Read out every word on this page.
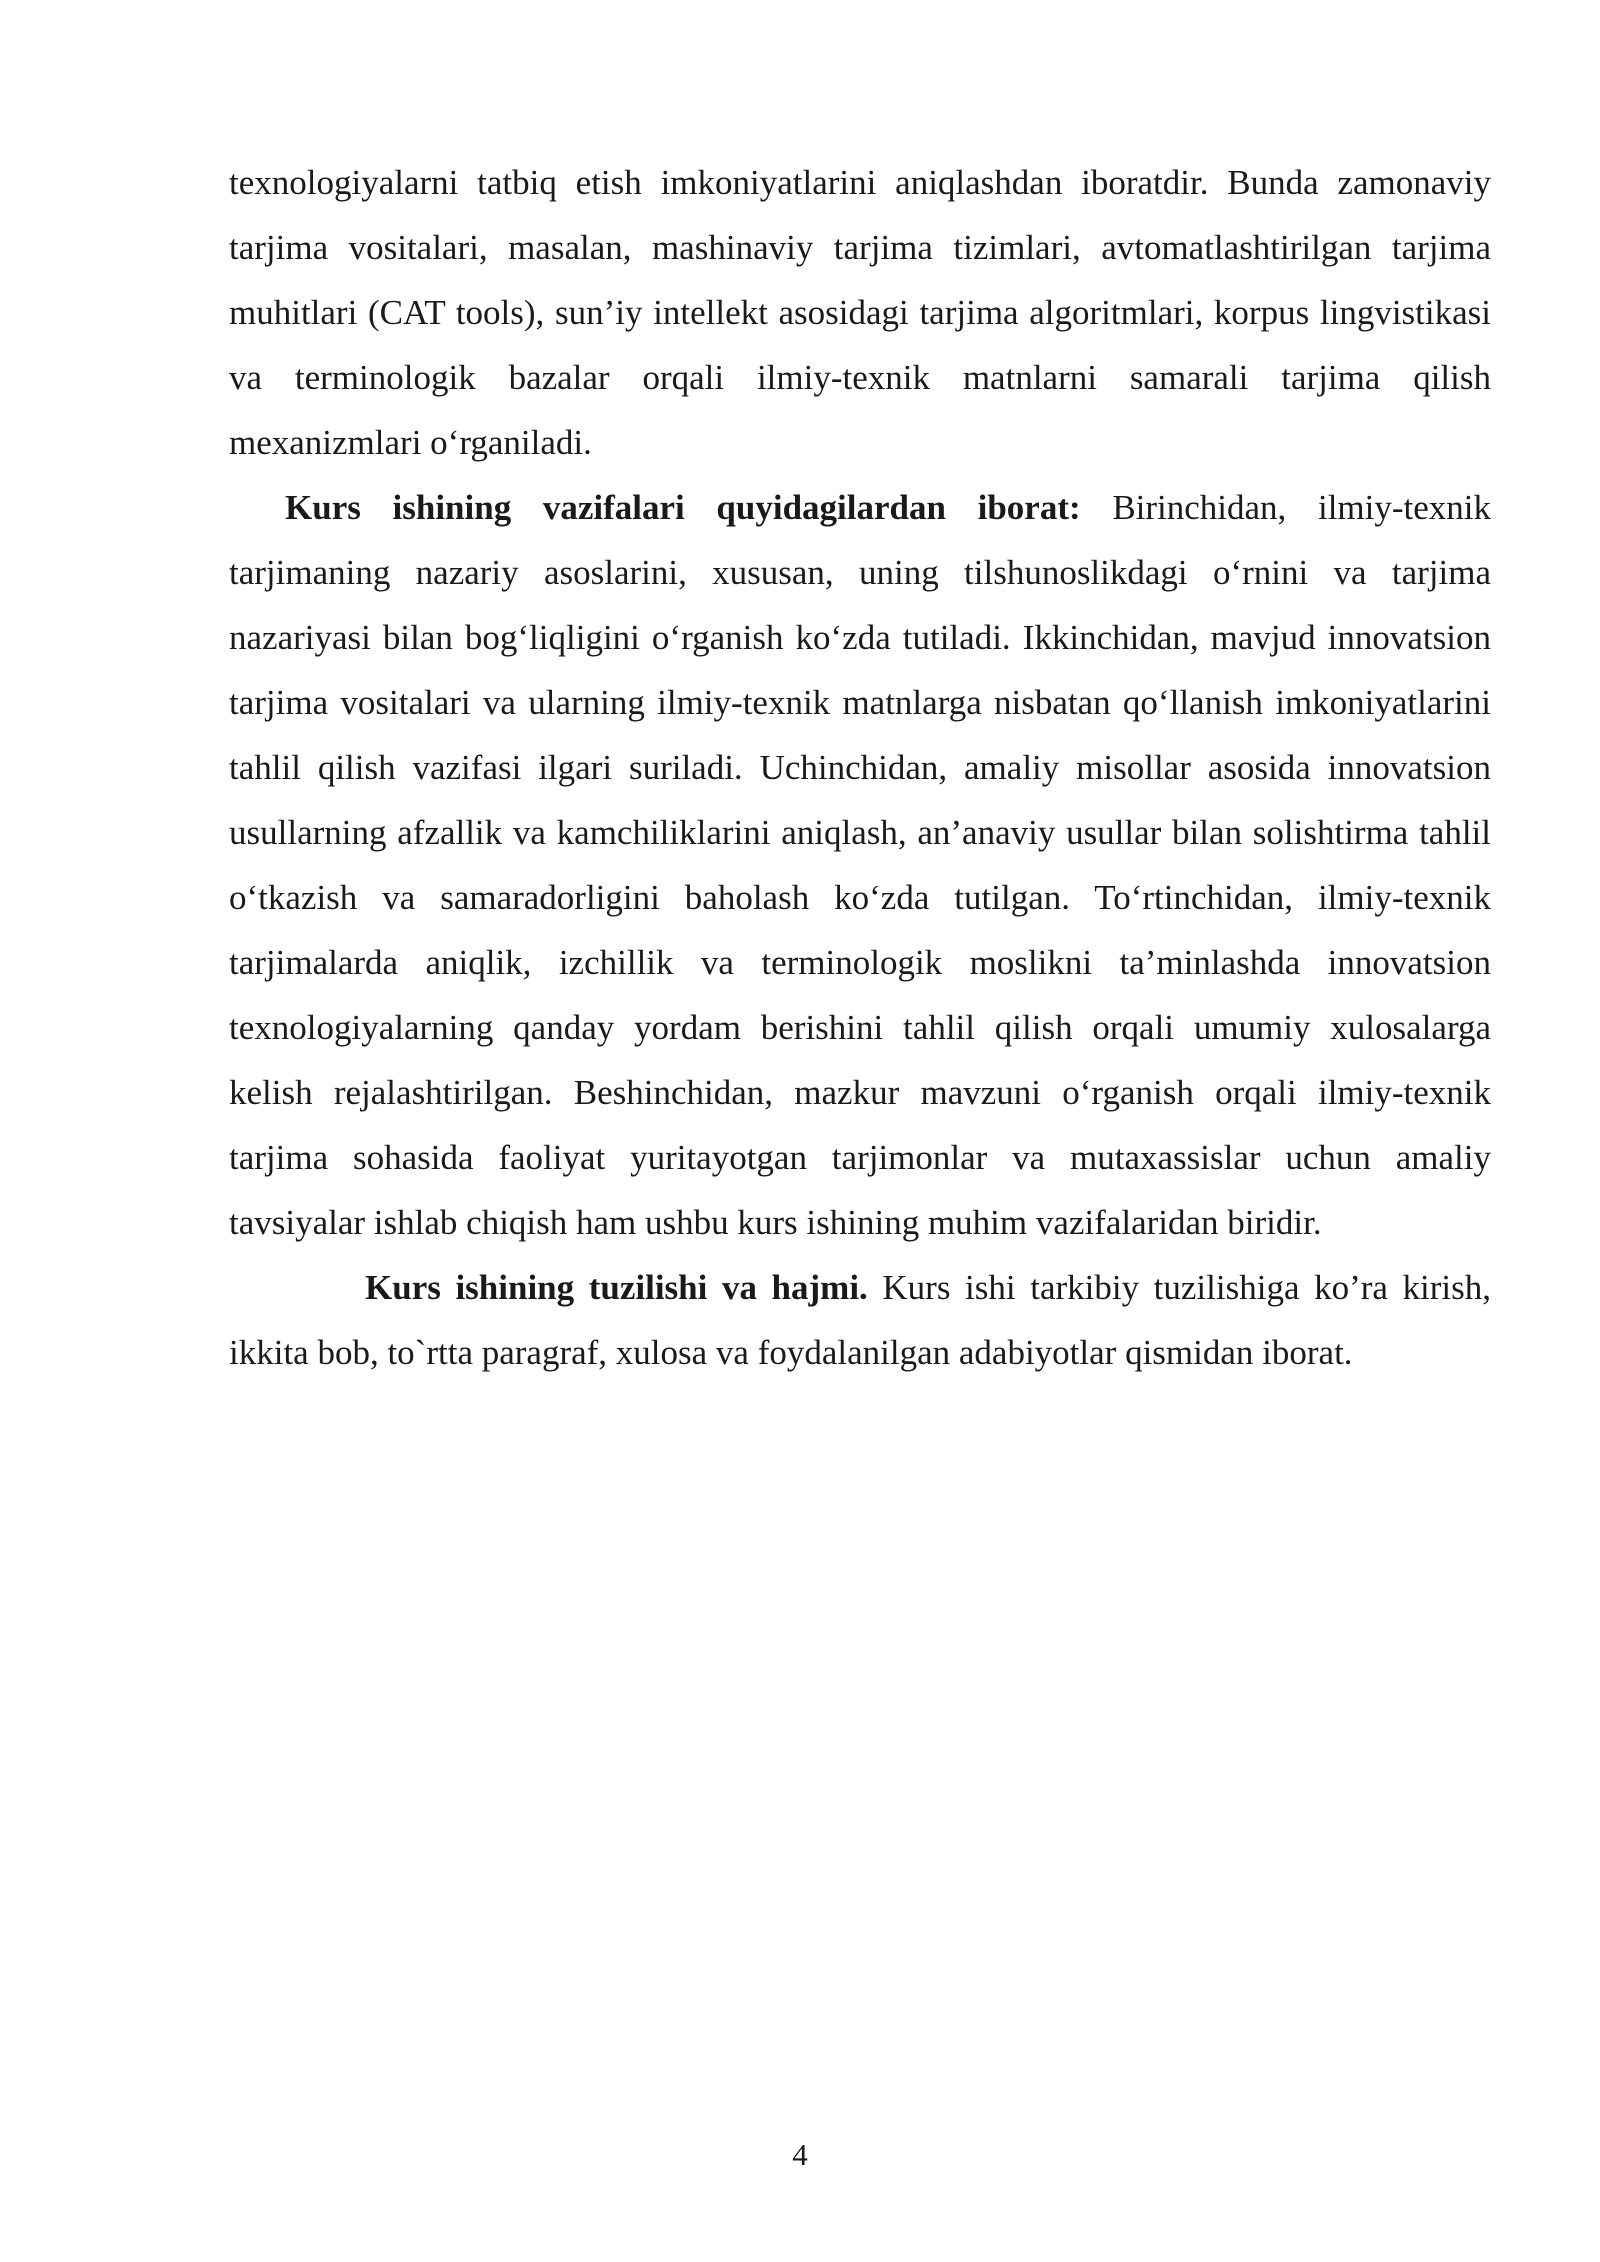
texnologiyalarni tatbiq etish imkoniyatlarini aniqlashdan iboratdir. Bunda zamonaviy tarjima vositalari, masalan, mashinaviy tarjima tizimlari, avtomatlashtirilgan tarjima muhitlari (CAT tools), sun’iy intellekt asosidagi tarjima algoritmlari, korpus lingvistikasi va terminologik bazalar orqali ilmiy-texnik matnlarni samarali tarjima qilish mexanizmlari o‘rganiladi.

Kurs ishining vazifalari quyidagilardan iborat: Birinchidan, ilmiy-texnik tarjimaning nazariy asoslarini, xususan, uning tilshunoslikdagi o‘rnini va tarjima nazariyasi bilan bog‘liqligini o‘rganish ko‘zda tutiladi. Ikkinchidan, mavjud innovatsion tarjima vositalari va ularning ilmiy-texnik matnlarga nisbatan qo‘llanish imkoniyatlarini tahlil qilish vazifasi ilgari suriladi. Uchinchidan, amaliy misollar asosida innovatsion usullarning afzallik va kamchiliklarini aniqlash, an’anaviy usullar bilan solishtirma tahlil o‘tkazish va samaradorligini baholash ko‘zda tutilgan. To‘rtinchidan, ilmiy-texnik tarjimalarda aniqlik, izchillik va terminologik moslikni ta’minlashda innovatsion texnologiyalarning qanday yordam berishini tahlil qilish orqali umumiy xulosalarga kelish rejalashtirilgan. Beshinchidan, mazkur mavzuni o‘rganish orqali ilmiy-texnik tarjima sohasida faoliyat yuritayotgan tarjimonlar va mutaxassislar uchun amaliy tavsiyalar ishlab chiqish ham ushbu kurs ishining muhim vazifalaridan biridir.

Kurs ishining tuzilishi va hajmi. Kurs ishi tarkibiy tuzilishiga ko’ra kirish, ikkita bob, to`rtta paragraf, xulosa va foydalanilgan adabiyotlar qismidan iborat.

4
